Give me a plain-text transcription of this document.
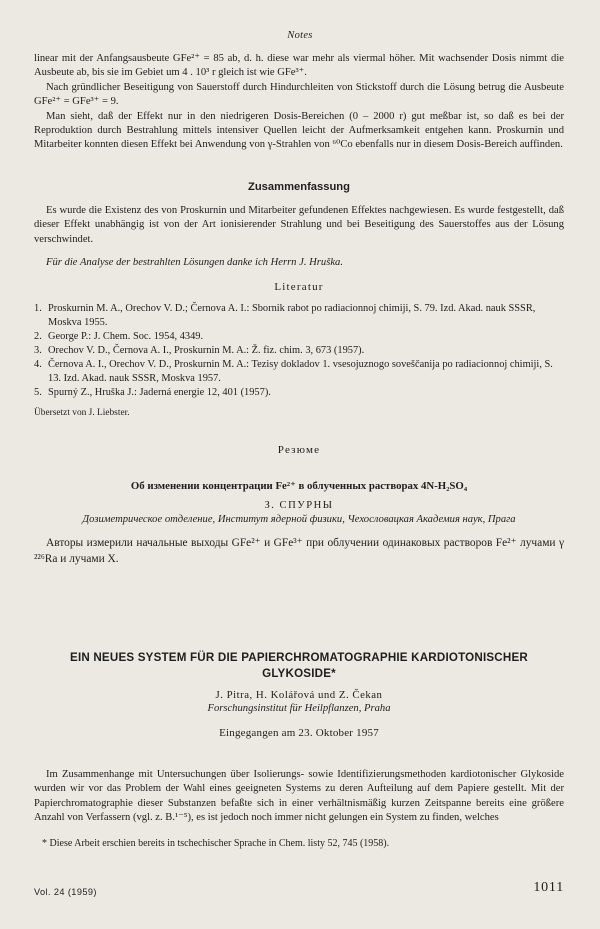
Notes

linear mit der Anfangsausbeute GFe²⁺ = 85 ab, d. h. diese war mehr als viermal höher. Mit wachsender Dosis nimmt die Ausbeute ab, bis sie im Gebiet um 4 . 10³ r gleich ist wie GFe³⁺.

Nach gründlicher Beseitigung von Sauerstoff durch Hindurchleiten von Stickstoff durch die Lösung betrug die Ausbeute GFe²⁺ = GFe³⁺ = 9.

Man sieht, daß der Effekt nur in den niedrigeren Dosis-Bereichen (0 – 2000 r) gut meßbar ist, so daß es bei der Reproduktion durch Bestrahlung mittels intensiver Quellen leicht der Aufmerksamkeit entgehen kann. Proskurnin und Mitarbeiter konnten diesen Effekt bei Anwendung von γ-Strahlen von ⁶⁰Co ebenfalls nur in diesem Dosis-Bereich auffinden.

Zusammenfassung

Es wurde die Existenz des von Proskurnin und Mitarbeiter gefundenen Effektes nachgewiesen. Es wurde festgestellt, daß dieser Effekt unabhängig ist von der Art ionisierender Strahlung und bei Beseitigung des Sauerstoffes aus der Lösung verschwindet.

Für die Analyse der bestrahlten Lösungen danke ich Herrn J. Hruška.

Literatur

1. Proskurnin M. A., Orechov V. D.; Černova A. I.: Sbornik rabot po radiacionnoj chimiji, S. 79. Izd. Akad. nauk SSSR, Moskva 1955.
2. George P.: J. Chem. Soc. 1954, 4349.
3. Orechov V. D., Černova A. I., Proskurnin M. A.: Ž. fiz. chim. 3, 673 (1957).
4. Černova A. I., Orechov V. D., Proskurnin M. A.: Tezisy dokladov 1. vsesojuznogo soveščanija po radiacionnoj chimiji, S. 13. Izd. Akad. nauk SSSR, Moskva 1957.
5. Spurný Z., Hruška J.: Jaderná energie 12, 401 (1957).

Übersetzt von J. Liebster.

Резюме

Об изменении концентрации Fe²⁺ в облученных растворах 4N-H₂SO₄

З. СПУРНЫ

Дозиметрическое отделение, Институт ядерной физики, Чехословацкая Академия наук, Прага

Авторы измерили начальные выходы GFe²⁺ и GFe³⁺ при облучении одинаковых растворов Fe²⁺ лучами γ ²²⁶Ra и лучами X.

EIN NEUES SYSTEM FÜR DIE PAPIERCHROMATOGRAPHIE KARDIOTONISCHER GLYKOSIDE*

J. Pitra, H. Kolářová und Z. Čekan

Forschungsinstitut für Heilpflanzen, Praha

Eingegangen am 23. Oktober 1957

Im Zusammenhange mit Untersuchungen über Isolierungs- sowie Identifizierungsmethoden kardiotonischer Glykoside wurden wir vor das Problem der Wahl eines geeigneten Systems zu deren Aufteilung auf dem Papiere gestellt. Mit der Papierchromatographie dieser Substanzen befaßte sich in einer verhältnismäßig kurzen Zeitspanne bereits eine größere Anzahl von Verfassern (vgl. z. B.¹⁻⁵), es ist jedoch noch immer nicht gelungen ein System zu finden, welches

* Diese Arbeit erschien bereits in tschechischer Sprache in Chem. listy 52, 745 (1958).

Vol. 24 (1959)	1011
